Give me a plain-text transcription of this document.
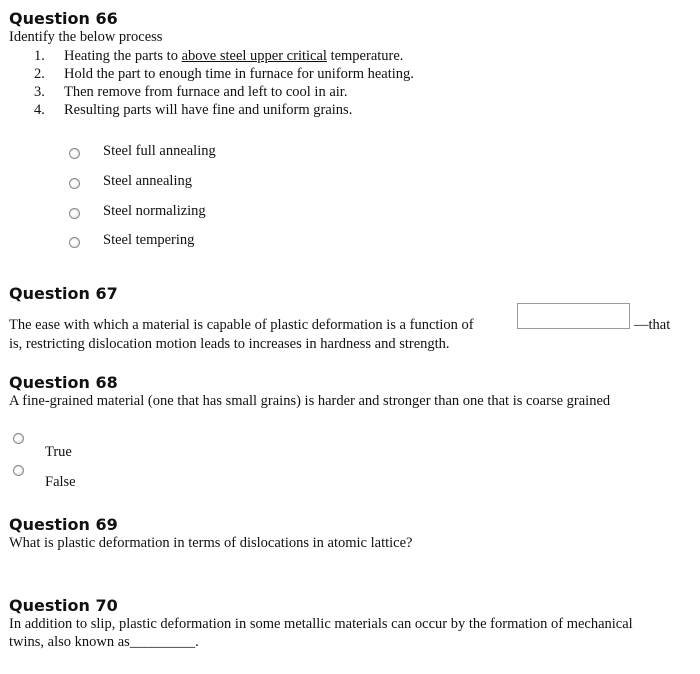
Question 66
Identify the below process
1. Heating the parts to above steel upper critical temperature.
2. Hold the part to enough time in furnace for uniform heating.
3. Then remove from furnace and left to cool in air.
4. Resulting parts will have fine and uniform grains.
Steel full annealing
Steel annealing
Steel normalizing
Steel tempering
Question 67
The ease with which a material is capable of plastic deformation is a function of	—that
is, restricting dislocation motion leads to increases in hardness and strength.
Question 68
A fine-grained material (one that has small grains) is harder and stronger than one that is coarse grained
True
False
Question 69
What is plastic deformation in terms of dislocations in atomic lattice?
Question 70
In addition to slip, plastic deformation in some metallic materials can occur by the formation of mechanical
twins, also known as_________.
